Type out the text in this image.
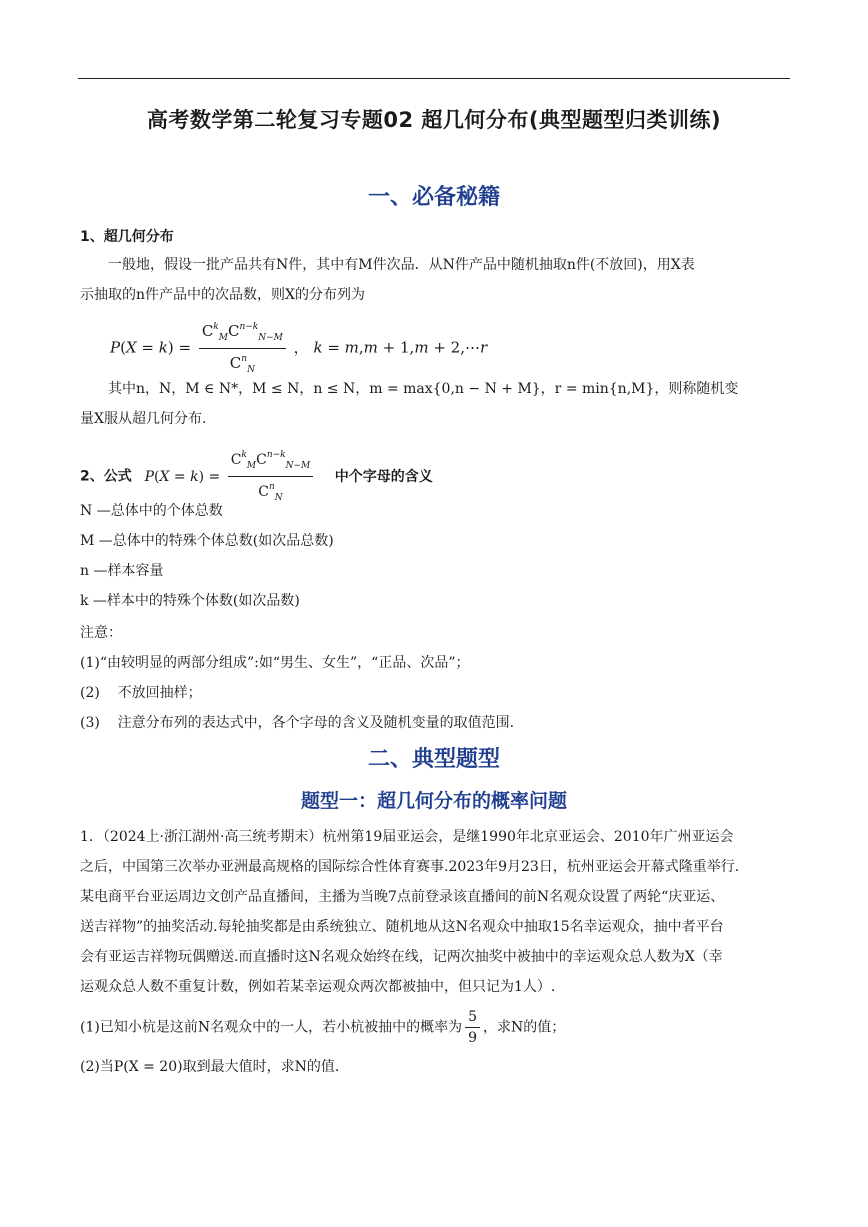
高考数学第二轮复习专题02 超几何分布(典型题型归类训练)
一、必备秘籍
1、超几何分布
一般地，假设一批产品共有N件，其中有M件次品．从N件产品中随机抽取n件(不放回)，用X表
示抽取的n件产品中的次品数，则X的分布列为
$P(X = k) = \frac{C^k_MC^{n-k}_{N-M}}{C^n_N}$ ， k = m,m + 1,m + 2,⋯r
其中n，N，M ∈ N*，M ≤ N，n ≤ N，m = max{0,n − N + M}，r = min{n,M}，则称随机变
量X服从超几何分布.
2、公式 $P(X = k) = \frac{C^k_MC^{n-k}_{N-M}}{C^n_N}$ 中个字母的含义
N —总体中的个体总数
M —总体中的特殊个体总数(如次品总数)
n —样本容量
k —样本中的特殊个体数(如次品数)
注意：
(1)“由较明显的两部分组成”:如“男生、女生”，“正品、次品”；
(2)    不放回抽样；
(3)    注意分布列的表达式中，各个字母的含义及随机变量的取值范围.
二、典型题型
题型一：超几何分布的概率问题
1．（2024上·浙江湖州·高三统考期末）杭州第19届亚运会，是继1990年北京亚运会、2010年广州亚运会
之后，中国第三次举办亚洲最高规格的国际综合性体育赛事.2023年9月23日，杭州亚运会开幕式隆重举行.
某电商平台亚运周边文创产品直播间，主播为当晚7点前登录该直播间的前N名观众设置了两轮“庆亚运、
送吉祥物”的抽奖活动.每轮抽奖都是由系统独立、随机地从这N名观众中抽取15名幸运观众，抽中者平台
会有亚运吉祥物玩偶赠送.而直播时这N名观众始终在线，记两次抽奖中被抽中的幸运观众总人数为X（幸
运观众总人数不重复计数，例如若某幸运观众两次都被抽中，但只记为1人）.
(1)已知小杭是这前N名观众中的一人，若小杭被抽中的概率为 $\frac{5}{9}$ ，求N的值；
(2)当P(X = 20)取到最大值时，求N的值.
